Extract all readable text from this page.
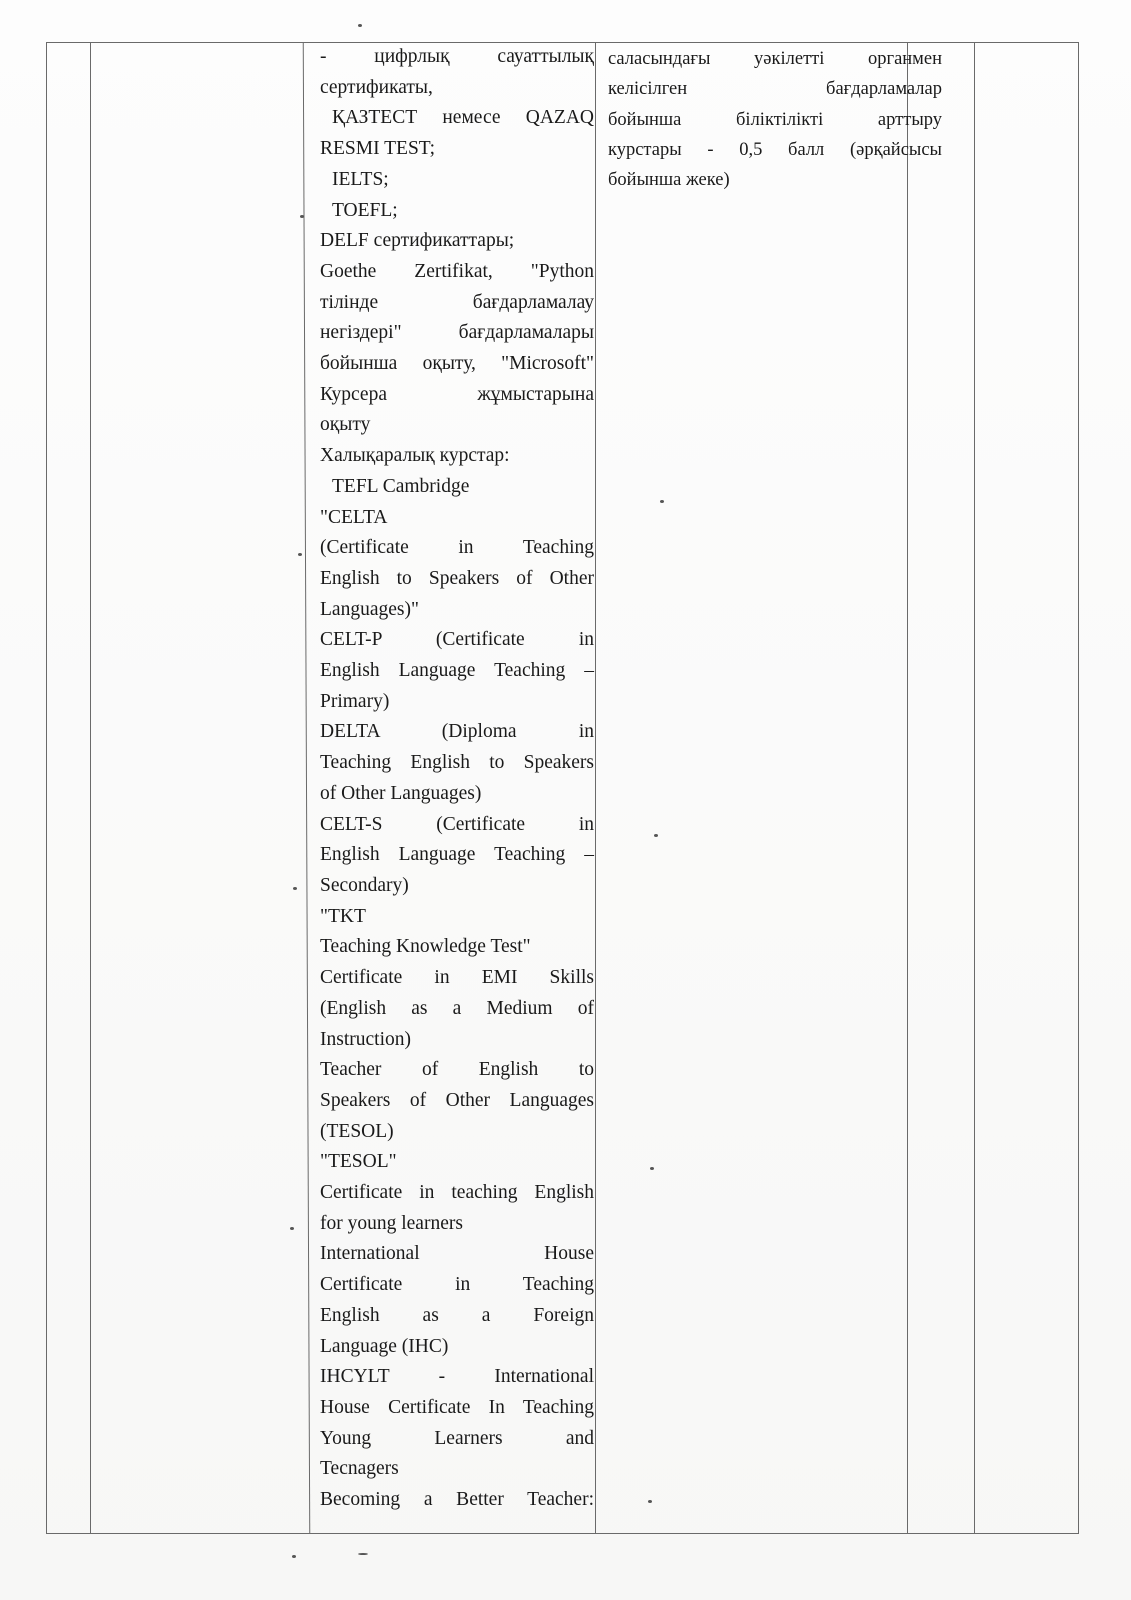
- цифрлық сауаттылық

сертификаты,

ҚАЗТЕСТ немесе QAZAQ

RESMI TEST;

IELTS;

TOEFL;

DELF сертификаттары;

Goethe Zertifikat, "Python

тілінде бағдарламалау

негіздері" бағдарламалары

бойынша оқыту, "Microsoft"

Курсера жұмыстарына

оқыту

Халықаралық курстар:

TEFL Cambridge

"CELTA

(Certificate in Teaching

English to Speakers of Other

Languages)"

CELT-P (Certificate in

English Language Teaching –

Primary)

DELTA (Diploma in

Teaching English to Speakers

of Other Languages)

CELT-S (Certificate in

English Language Teaching –

Secondary)

"TKT

Teaching Knowledge Test"

Certificate in EMI Skills

(English as a Medium of

Instruction)

Teacher of English to

Speakers of Other Languages

(TESOL)

"TESOL"

Certificate in teaching English

for young learners

International House

Certificate in Teaching

English as a Foreign

Language (IHC)

IHCYLT - International

House Certificate In Teaching

Young Learners and

Tecnagers

Becoming a Better Teacher:

саласындағы уәкілетті органмен

келісілген бағдарламалар

бойынша біліктілікті арттыру

курстары - 0,5 балл (әрқайсысы

бойынша жеке)
